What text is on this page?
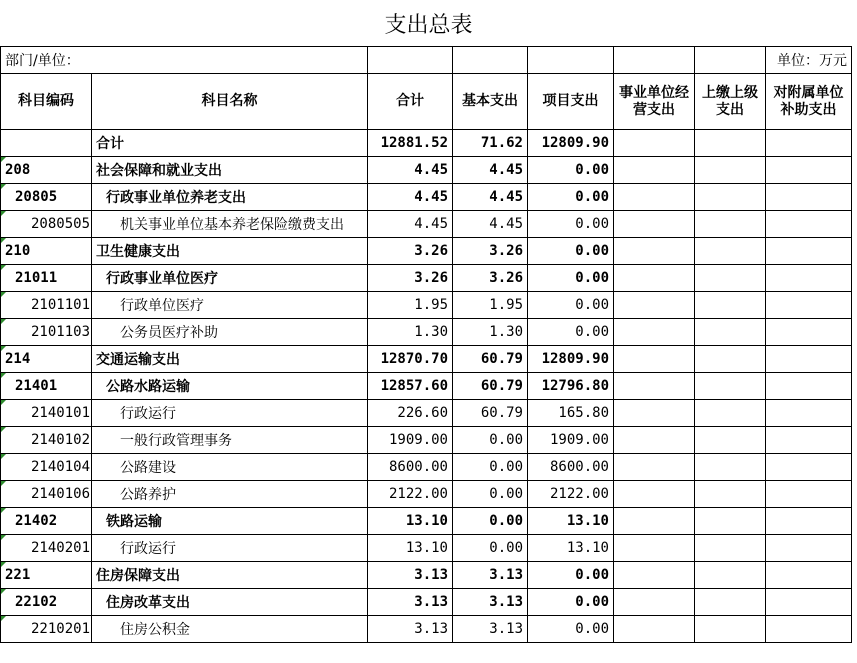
支出总表
部门/单位：							单位：万元
科目编码	科目名称	合计	基本支出	项目支出	事业单位经营支出	上缴上级支出	对附属单位补助支出
	合计	12881.52	71.62	12809.90			
208	社会保障和就业支出	4.45	4.45	0.00			
20805	行政事业单位养老支出	4.45	4.45	0.00			
2080505	机关事业单位基本养老保险缴费支出	4.45	4.45	0.00			
210	卫生健康支出	3.26	3.26	0.00			
21011	行政事业单位医疗	3.26	3.26	0.00			
2101101	行政单位医疗	1.95	1.95	0.00			
2101103	公务员医疗补助	1.30	1.30	0.00			
214	交通运输支出	12870.70	60.79	12809.90			
21401	公路水路运输	12857.60	60.79	12796.80			
2140101	行政运行	226.60	60.79	165.80			
2140102	一般行政管理事务	1909.00	0.00	1909.00			
2140104	公路建设	8600.00	0.00	8600.00			
2140106	公路养护	2122.00	0.00	2122.00			
21402	铁路运输	13.10	0.00	13.10			
2140201	行政运行	13.10	0.00	13.10			
221	住房保障支出	3.13	3.13	0.00			
22102	住房改革支出	3.13	3.13	0.00			
2210201	住房公积金	3.13	3.13	0.00			
